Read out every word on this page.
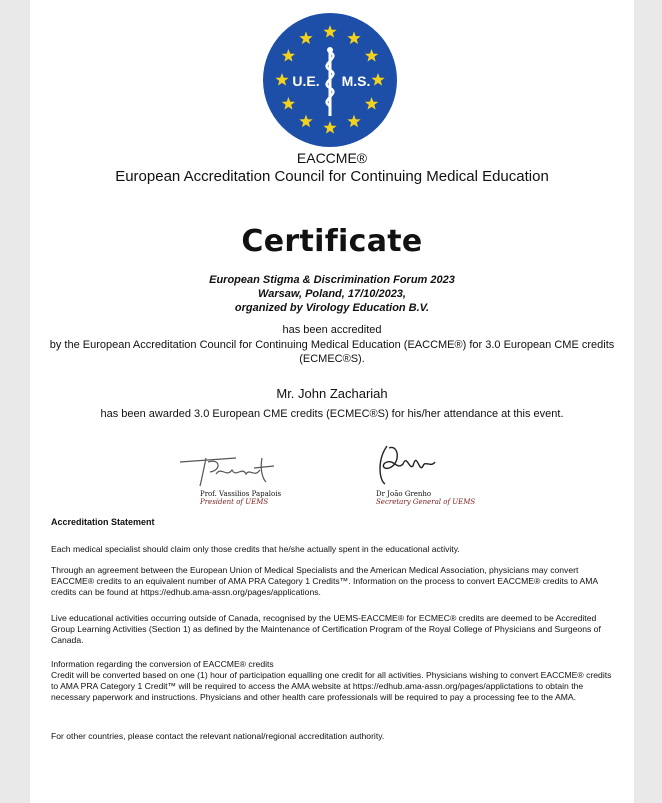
U.E. M.S.
EACCME®
European Accreditation Council for Continuing Medical Education
Certificate
European Stigma & Discrimination Forum 2023
Warsaw, Poland, 17/10/2023,
organized by Virology Education B.V.
has been accredited
by the European Accreditation Council for Continuing Medical Education (EACCME®) for 3.0 European CME credits (ECMEC®S).
Mr. John Zachariah
has been awarded 3.0 European CME credits (ECMEC®S) for his/her attendance at this event.
Prof. Vassilios Papalois
President of UEMS
Dr João Grenho
Secretary General of UEMS
Accreditation Statement
Each medical specialist should claim only those credits that he/she actually spent in the educational activity.
Through an agreement between the European Union of Medical Specialists and the American Medical Association, physicians may convert EACCME® credits to an equivalent number of AMA PRA Category 1 Credits™. Information on the process to convert EACCME® credits to AMA credits can be found at https://edhub.ama-assn.org/pages/applications.
Live educational activities occurring outside of Canada, recognised by the UEMS-EACCME® for ECMEC® credits are deemed to be Accredited Group Learning Activities (Section 1) as defined by the Maintenance of Certification Program of the Royal College of Physicians and Surgeons of Canada.
Information regarding the conversion of EACCME® credits
Credit will be converted based on one (1) hour of participation equalling one credit for all activities. Physicians wishing to convert EACCME® credits to AMA PRA Category 1 Credit™ will be required to access the AMA website at https://edhub.ama-assn.org/pages/applictations to obtain the necessary paperwork and instructions. Physicians and other health care professionals will be required to pay a processing fee to the AMA.
For other countries, please contact the relevant national/regional accreditation authority.
